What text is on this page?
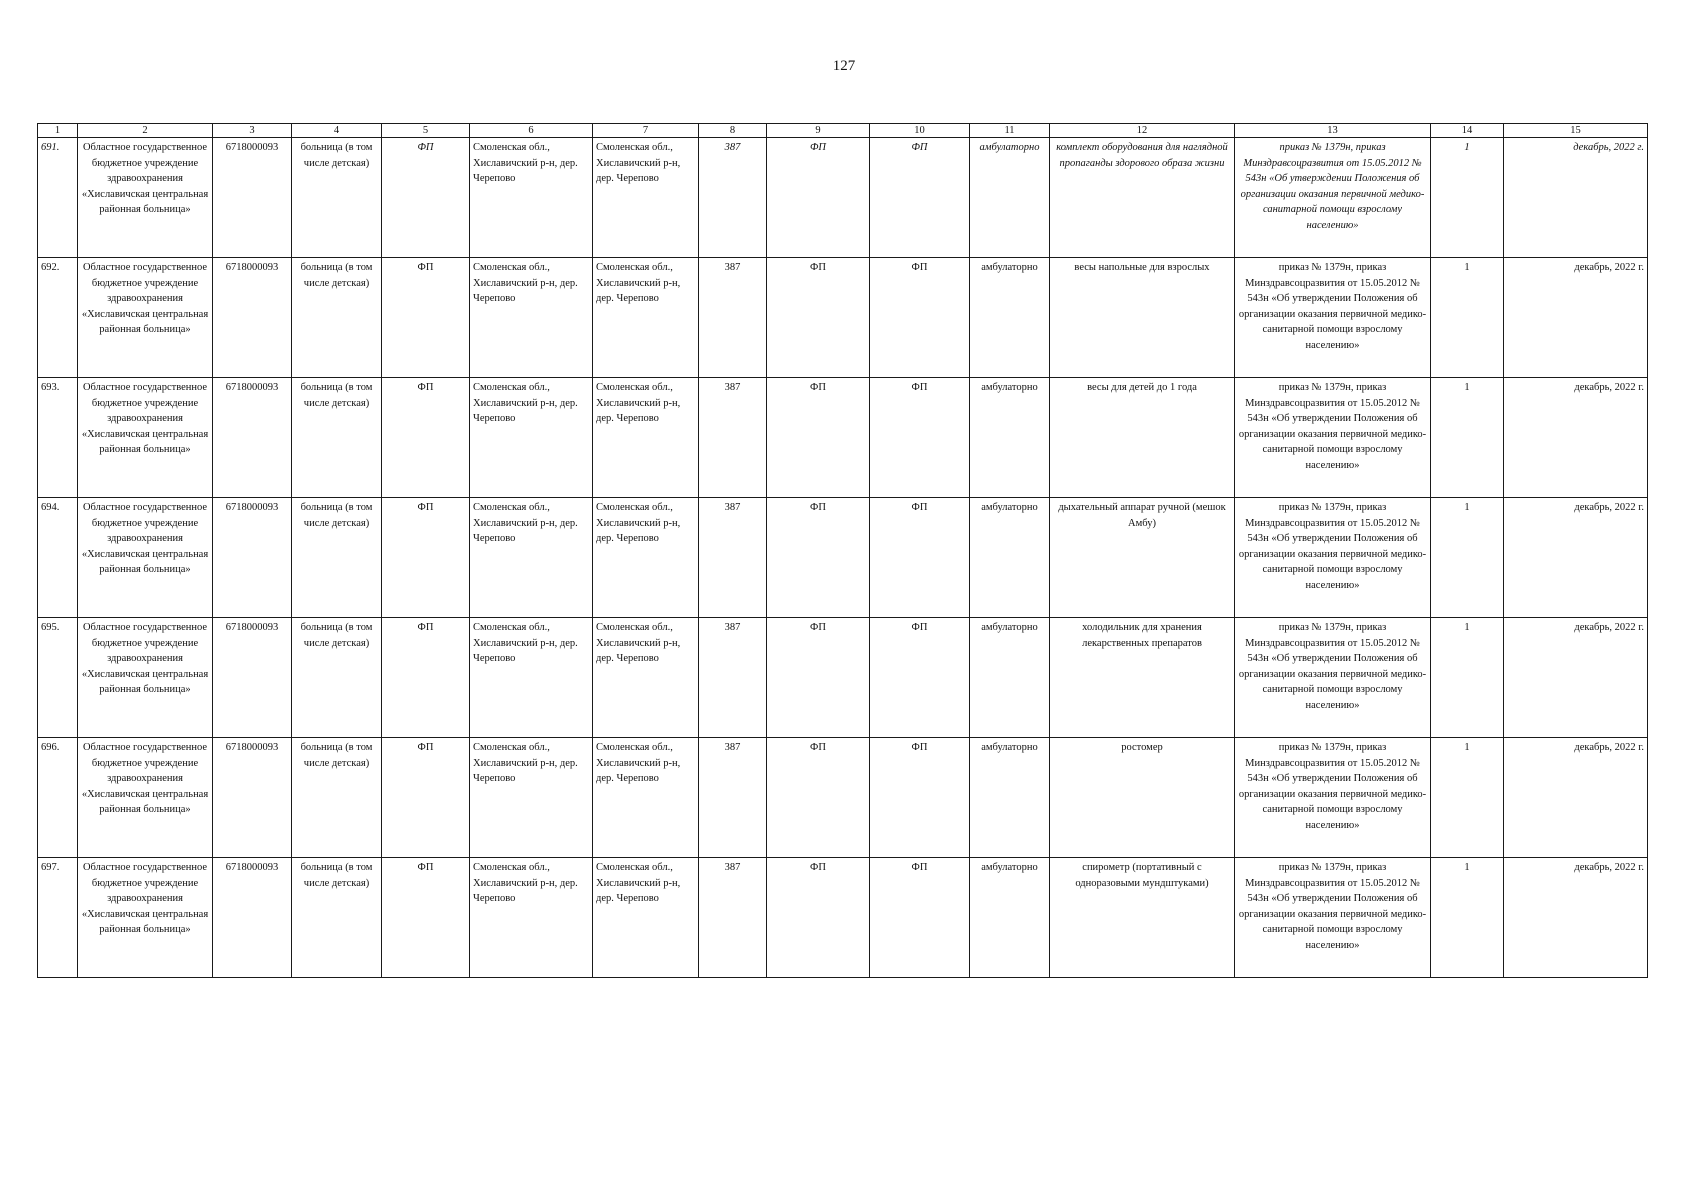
127
1	2	3	4	5	6	7	8	9	10	11	12	13	14	15
691.	Областное государственное бюджетное учреждение здравоохранения «Хиславичская центральная районная больница»	6718000093	больница (в том числе детская)	ФП	Смоленская обл., Хиславичский р-н, дер. Черепово	Смоленская обл., Хиславичский р-н, дер. Черепово	387	ФП	ФП	амбулаторно	комплект оборудования для наглядной пропаганды здорового образа жизни	приказ № 1379н, приказ Минздравсоцразвития от 15.05.2012 № 543н «Об утверждении Положения об организации оказания первичной медико-санитарной помощи взрослому населению»	1	декабрь, 2022 г.
692.	Областное государственное бюджетное учреждение здравоохранения «Хиславичская центральная районная больница»	6718000093	больница (в том числе детская)	ФП	Смоленская обл., Хиславичский р-н, дер. Черепово	Смоленская обл., Хиславичский р-н, дер. Черепово	387	ФП	ФП	амбулаторно	весы напольные для взрослых	приказ № 1379н, приказ Минздравсоцразвития от 15.05.2012 № 543н «Об утверждении Положения об организации оказания первичной медико-санитарной помощи взрослому населению»	1	декабрь, 2022 г.
693.	Областное государственное бюджетное учреждение здравоохранения «Хиславичская центральная районная больница»	6718000093	больница (в том числе детская)	ФП	Смоленская обл., Хиславичский р-н, дер. Черепово	Смоленская обл., Хиславичский р-н, дер. Черепово	387	ФП	ФП	амбулаторно	весы для детей до 1 года	приказ № 1379н, приказ Минздравсоцразвития от 15.05.2012 № 543н «Об утверждении Положения об организации оказания первичной медико-санитарной помощи взрослому населению»	1	декабрь, 2022 г.
694.	Областное государственное бюджетное учреждение здравоохранения «Хиславичская центральная районная больница»	6718000093	больница (в том числе детская)	ФП	Смоленская обл., Хиславичский р-н, дер. Черепово	Смоленская обл., Хиславичский р-н, дер. Черепово	387	ФП	ФП	амбулаторно	дыхательный аппарат ручной (мешок Амбу)	приказ № 1379н, приказ Минздравсоцразвития от 15.05.2012 № 543н «Об утверждении Положения об организации оказания первичной медико-санитарной помощи взрослому населению»	1	декабрь, 2022 г.
695.	Областное государственное бюджетное учреждение здравоохранения «Хиславичская центральная районная больница»	6718000093	больница (в том числе детская)	ФП	Смоленская обл., Хиславичский р-н, дер. Черепово	Смоленская обл., Хиславичский р-н, дер. Черепово	387	ФП	ФП	амбулаторно	холодильник для хранения лекарственных препаратов	приказ № 1379н, приказ Минздравсоцразвития от 15.05.2012 № 543н «Об утверждении Положения об организации оказания первичной медико-санитарной помощи взрослому населению»	1	декабрь, 2022 г.
696.	Областное государственное бюджетное учреждение здравоохранения «Хиславичская центральная районная больница»	6718000093	больница (в том числе детская)	ФП	Смоленская обл., Хиславичский р-н, дер. Черепово	Смоленская обл., Хиславичский р-н, дер. Черепово	387	ФП	ФП	амбулаторно	ростомер	приказ № 1379н, приказ Минздравсоцразвития от 15.05.2012 № 543н «Об утверждении Положения об организации оказания первичной медико-санитарной помощи взрослому населению»	1	декабрь, 2022 г.
697.	Областное государственное бюджетное учреждение здравоохранения «Хиславичская центральная районная больница»	6718000093	больница (в том числе детская)	ФП	Смоленская обл., Хиславичский р-н, дер. Черепово	Смоленская обл., Хиславичский р-н, дер. Черепово	387	ФП	ФП	амбулаторно	спирометр (портативный с одноразовыми мундштуками)	приказ № 1379н, приказ Минздравсоцразвития от 15.05.2012 № 543н «Об утверждении Положения об организации оказания первичной медико-санитарной помощи взрослому населению»	1	декабрь, 2022 г.
